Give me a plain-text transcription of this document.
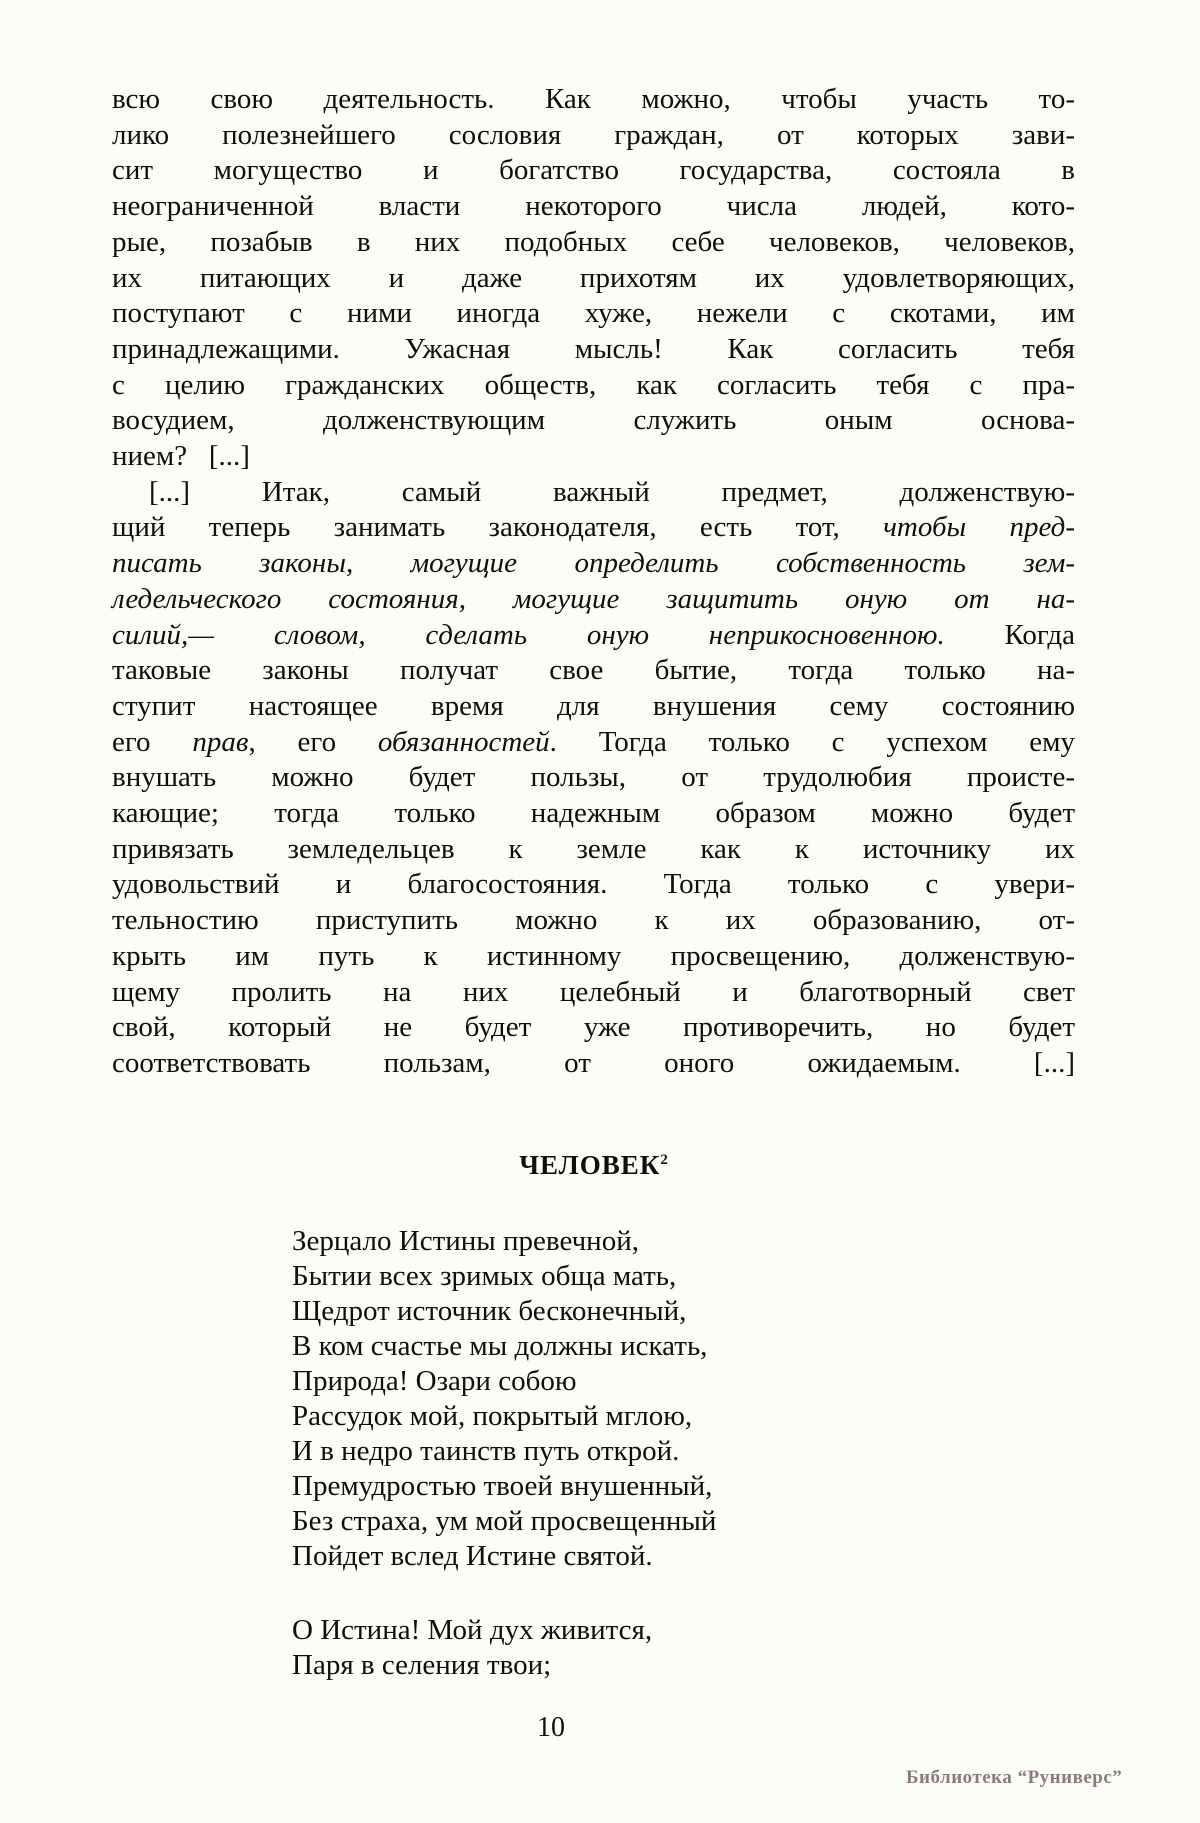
всю свою деятельность. Как можно, чтобы участь то-
лико полезнейшего сословия граждан, от которых зави-
сит могущество и богатство государства, состояла в
неограниченной власти некоторого числа людей, кото-
рые, позабыв в них подобных себе человеков, человеков,
их питающих и даже прихотям их удовлетворяющих,
поступают с ними иногда хуже, нежели с скотами, им
принадлежащими. Ужасная мысль! Как согласить тебя
с целию гражданских обществ, как согласить тебя с пра-
восудием, долженствующим служить оным основа-
нием?  [...]
[...] Итак, самый важный предмет, долженствую-
щий теперь занимать законодателя, есть тот, чтобы пред-
писать законы, могущие определить собственность зем-
ледельческого состояния, могущие защитить оную от на-
силий,— словом, сделать оную неприкосновенною. Когда
таковые законы получат свое бытие, тогда только на-
ступит настоящее время для внушения сему состоянию
его прав, его обязанностей. Тогда только с успехом ему
внушать можно будет пользы, от трудолюбия происте-
кающие; тогда только надежным образом можно будет
привязать земледельцев к земле как к источнику их
удовольствий и благосостояния. Тогда только с увери-
тельностию приступить можно к их образованию, от-
крыть им путь к истинному просвещению, долженствую-
щему пролить на них целебный и благотворный свет
свой, который не будет уже противоречить, но будет
соответствовать пользам, от оного ожидаемым. [...]
ЧЕЛОВЕК$^2$
Зерцало Истины превечной,
Бытии всех зримых обща мать,
Щедрот источник бесконечный,
В ком счастье мы должны искать,
Природа! Озари собою
Рассудок мой, покрытый мглою,
И в недро таинств путь открой.
Премудростью твоей внушенный,
Без страха, ум мой просвещенный
Пойдет вслед Истине святой.
О Истина! Мой дух живится,
Паря в селения твои;
10
Библиотека “Руниверс”
